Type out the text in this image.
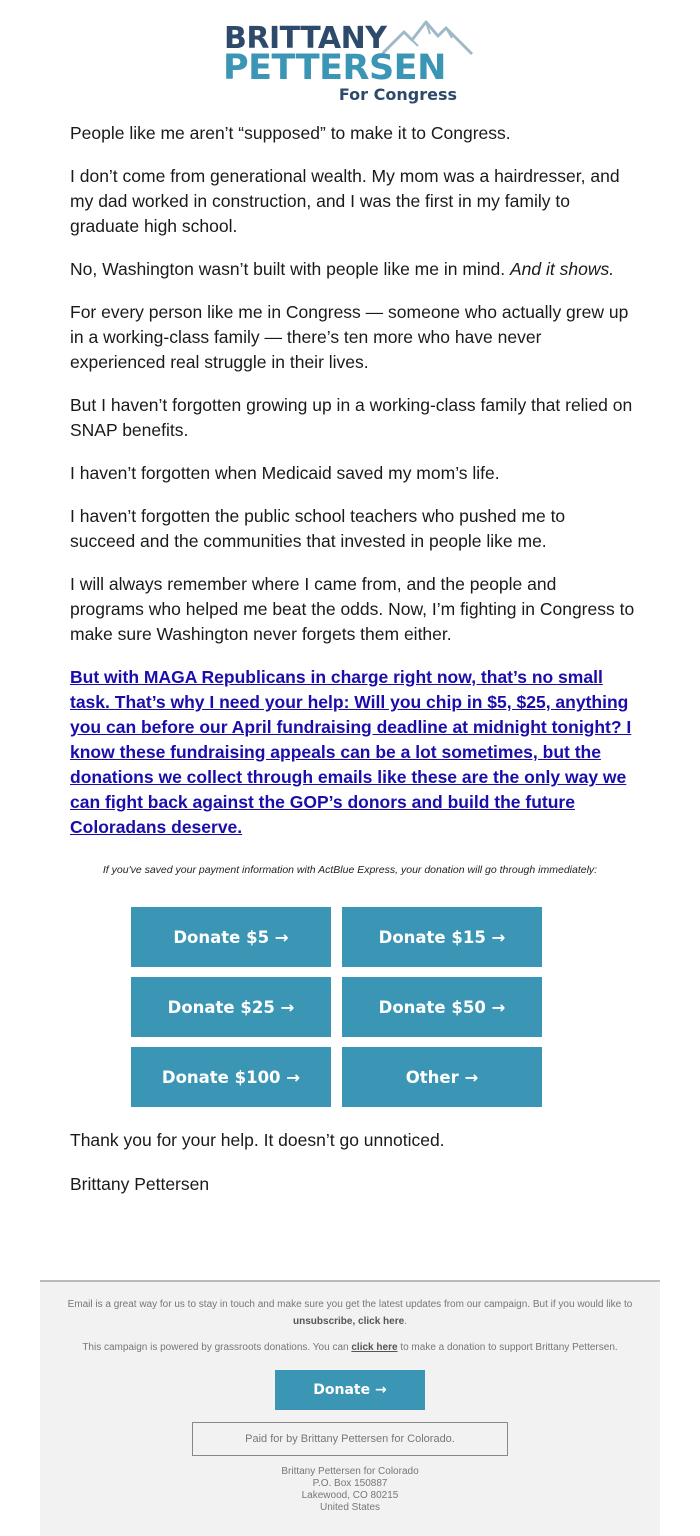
BRITTANY
PETTERSEN
For Congress

People like me aren’t “supposed” to make it to Congress.

I don’t come from generational wealth. My mom was a hairdresser, and my dad worked in construction, and I was the first in my family to graduate high school.

No, Washington wasn’t built with people like me in mind. And it shows.

For every person like me in Congress — someone who actually grew up in a working-class family — there’s ten more who have never experienced real struggle in their lives.

But I haven’t forgotten growing up in a working-class family that relied on SNAP benefits.

I haven’t forgotten when Medicaid saved my mom’s life.

I haven’t forgotten the public school teachers who pushed me to succeed and the communities that invested in people like me.

I will always remember where I came from, and the people and programs who helped me beat the odds. Now, I’m fighting in Congress to make sure Washington never forgets them either.

But with MAGA Republicans in charge right now, that’s no small task. That’s why I need your help: Will you chip in $5, $25, anything you can before our April fundraising deadline at midnight tonight? I know these fundraising appeals can be a lot sometimes, but the donations we collect through emails like these are the only way we can fight back against the GOP’s donors and build the future Coloradans deserve.

If you've saved your payment information with ActBlue Express, your donation will go through immediately:
Donate $5 →	Donate $15 →
Donate $25 →	Donate $50 →
Donate $100 →	Other →
Thank you for your help. It doesn’t go unnoticed.
Brittany Pettersen
Email is a great way for us to stay in touch and make sure you get the latest updates from our campaign. But if you would like to unsubscribe, click here.
This campaign is powered by grassroots donations. You can click here to make a donation to support Brittany Pettersen.
Donate →
Paid for by Brittany Pettersen for Colorado.
Brittany Pettersen for Colorado
P.O. Box 150887
Lakewood, CO 80215
United States
